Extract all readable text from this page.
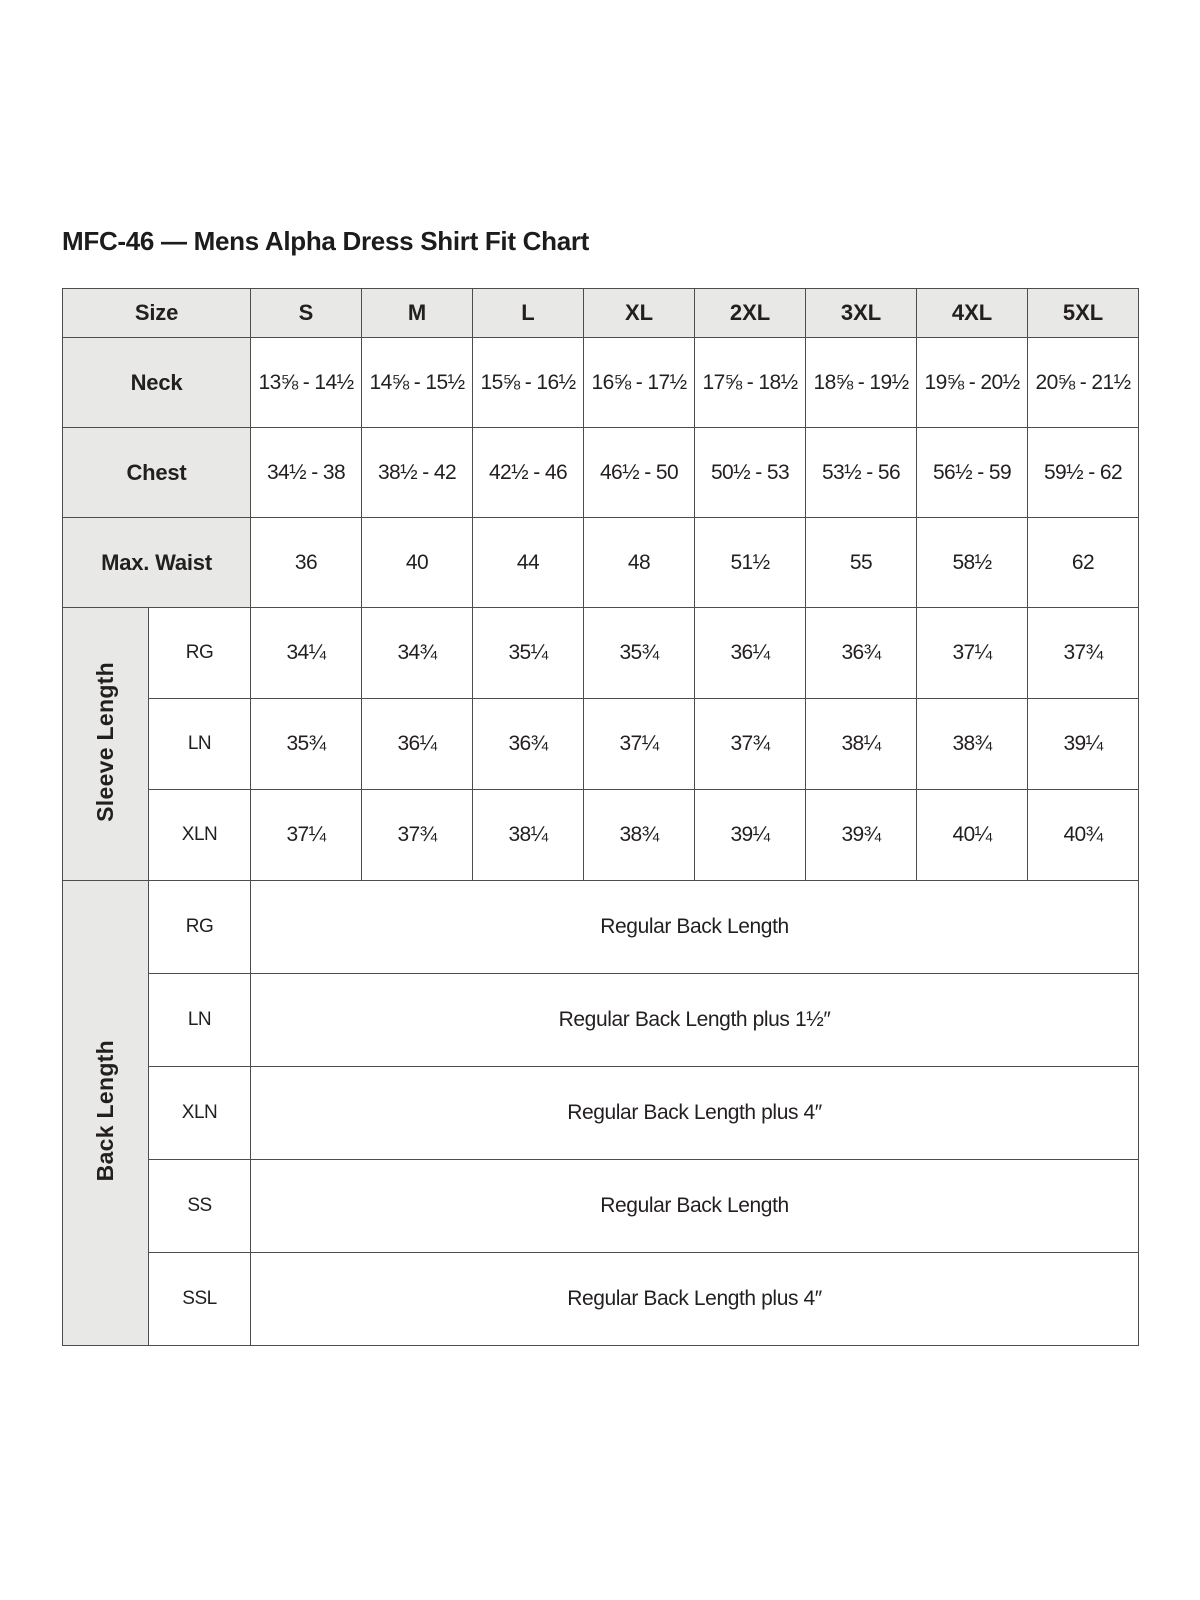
MFC-46 — Mens Alpha Dress Shirt Fit Chart
Size		S	M	L	XL	2XL	3XL	4XL	5XL
Neck		13⅝ - 14½	14⅝ - 15½	15⅝ - 16½	16⅝ - 17½	17⅝ - 18½	18⅝ - 19½	19⅝ - 20½	20⅝ - 21½
Chest		34½ - 38	38½ - 42	42½ - 46	46½ - 50	50½ - 53	53½ - 56	56½ - 59	59½ - 62
Max. Waist		36	40	44	48	51½	55	58½	62
Sleeve Length	RG	34¼	34¾	35¼	35¾	36¼	36¾	37¼	37¾
	LN	35¾	36¼	36¾	37¼	37¾	38¼	38¾	39¼
	XLN	37¼	37¾	38¼	38¾	39¼	39¾	40¼	40¾
Back Length	RG	Regular Back Length							
	LN	Regular Back Length plus 1½″							
	XLN	Regular Back Length plus 4″							
	SS	Regular Back Length							
	SSL	Regular Back Length plus 4″							
